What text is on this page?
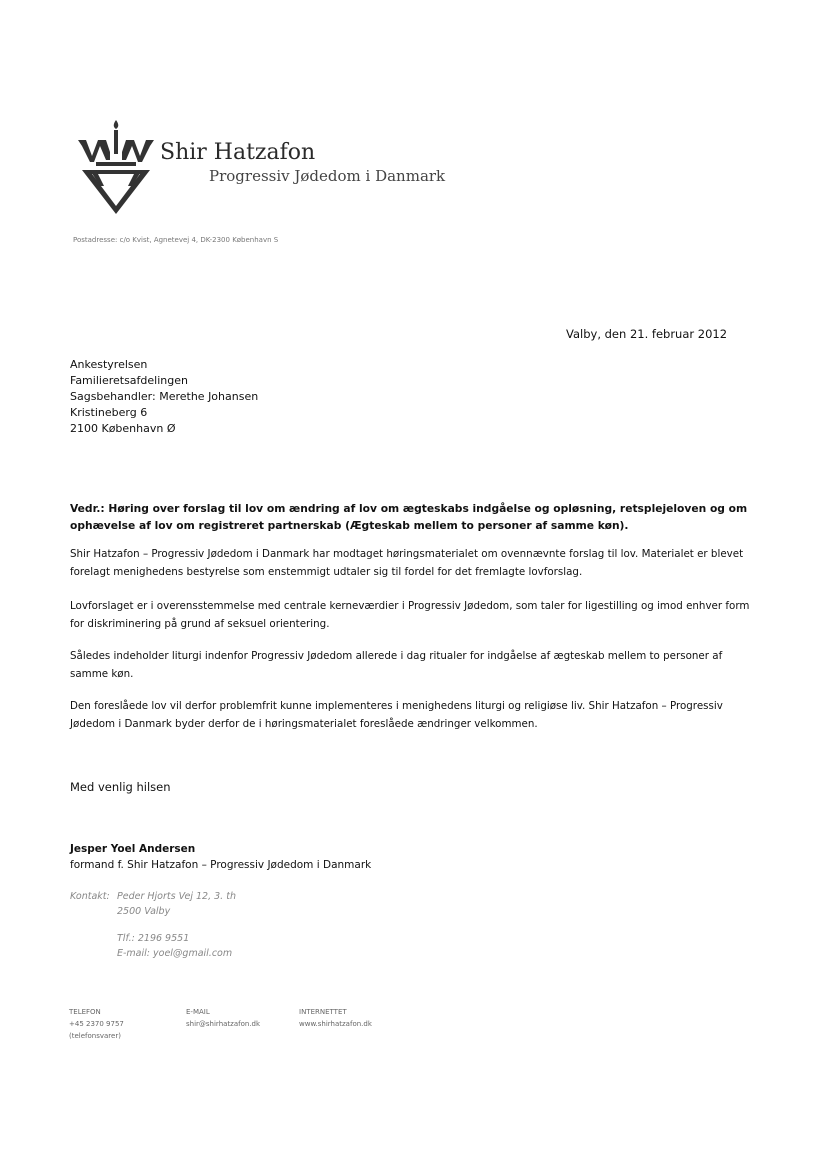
Shir Hatzafon
Progressiv Jødedom i Danmark
Postadresse: c/o Kvist, Agnetevej 4, DK-2300 København S
Valby, den 21. februar 2012
Ankestyrelsen
Familieretsafdelingen
Sagsbehandler: Merethe Johansen
Kristineberg 6
2100 København Ø
Vedr.: Høring over forslag til lov om ændring af lov om ægteskabs indgåelse og opløsning, retsplejeloven og om ophævelse af lov om registreret partnerskab (Ægteskab mellem to personer af samme køn).
Shir Hatzafon – Progressiv Jødedom i Danmark har modtaget høringsmaterialet om ovennævnte forslag til lov. Materialet er blevet forelagt menighedens bestyrelse som enstemmigt udtaler sig til fordel for det fremlagte lovforslag.
Lovforslaget er i overensstemmelse med centrale kerneværdier i Progressiv Jødedom, som taler for ligestilling og imod enhver form for diskriminering på grund af seksuel orientering.
Således indeholder liturgi indenfor Progressiv Jødedom allerede i dag ritualer for indgåelse af ægteskab mellem to personer af samme køn.
Den foreslåede lov vil derfor problemfrit kunne implementeres i menighedens liturgi og religiøse liv. Shir Hatzafon – Progressiv Jødedom i Danmark byder derfor de i høringsmaterialet foreslåede ændringer velkommen.
Med venlig hilsen
Jesper Yoel Andersen
formand f. Shir Hatzafon – Progressiv Jødedom i Danmark
Kontakt: Peder Hjorts Vej 12, 3. th
2500 Valby
Tlf.: 2196 9551
E-mail: yoel@gmail.com
TELEFON
+45 2370 9757
(telefonsvarer)
E-MAIL
shir@shirhatzafon.dk
INTERNETTET
www.shirhatzafon.dk
